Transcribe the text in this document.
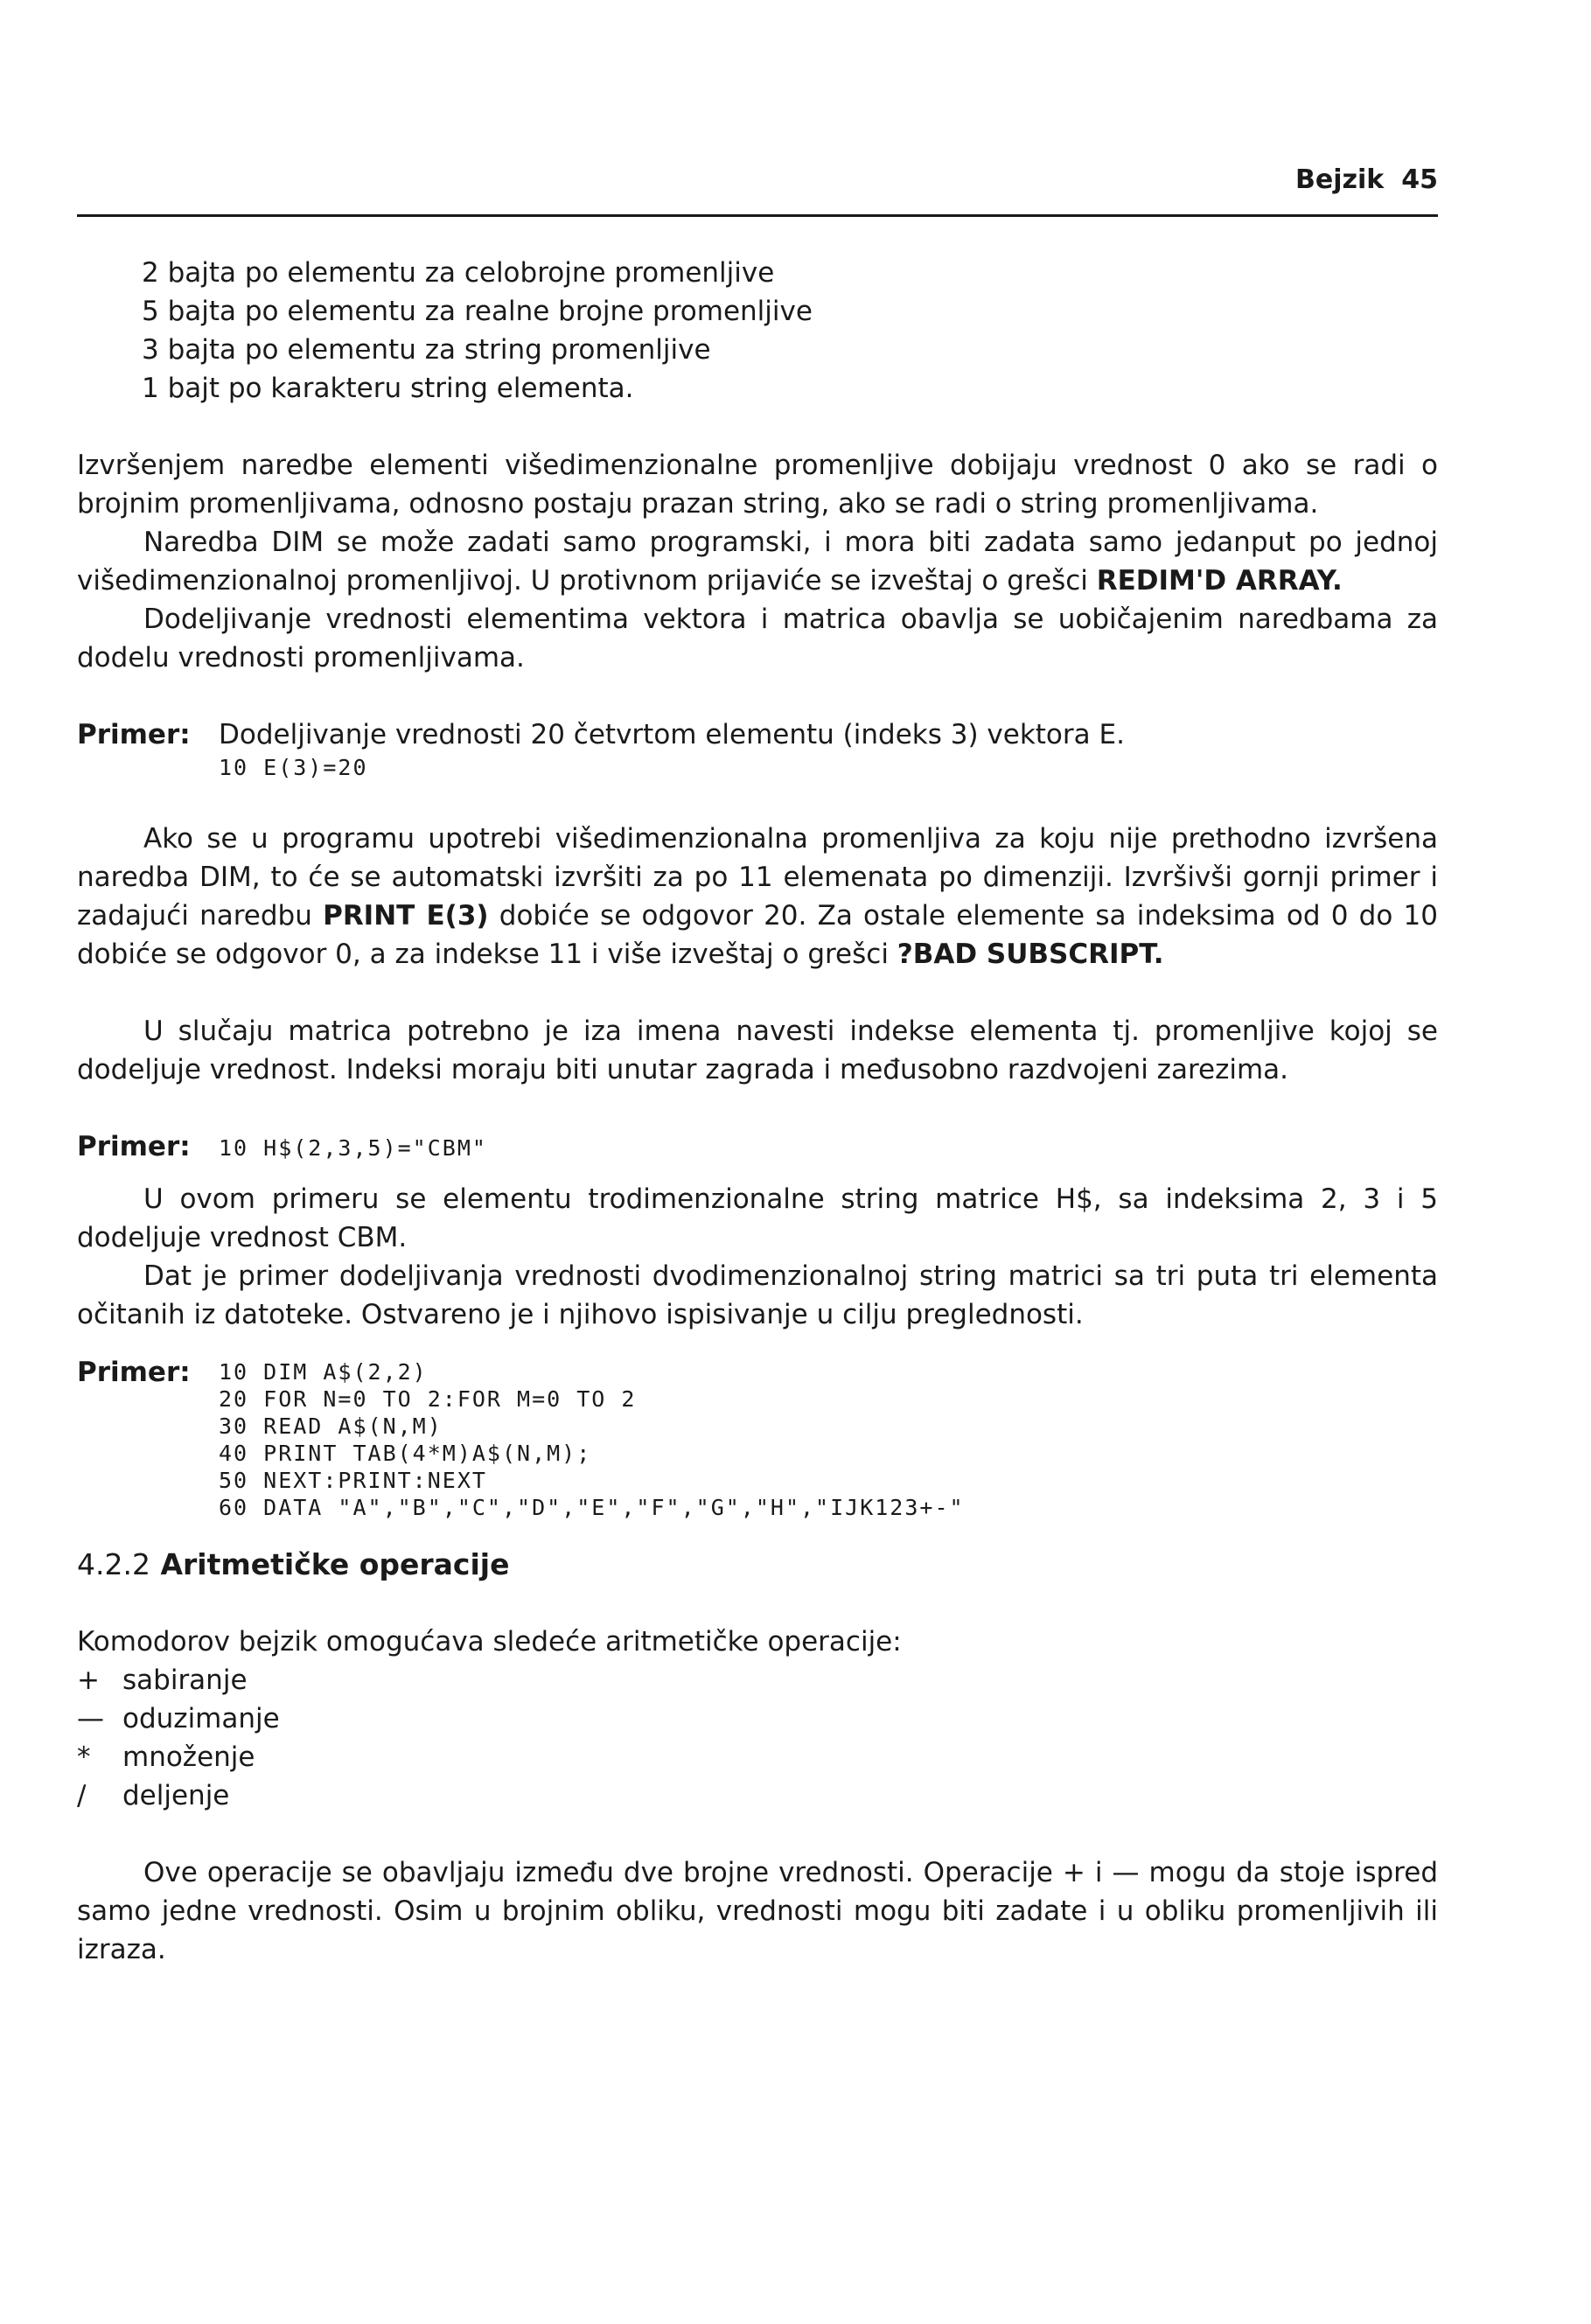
Bejzik 45
2 bajta po elementu za celobrojne promenljive
5 bajta po elementu za realne brojne promenljive
3 bajta po elementu za string promenljive
1 bajt po karakteru string elementa.

Izvršenjem naredbe elementi višedimenzionalne promenljive dobijaju vrednost 0 ako se radi o brojnim promenljivama, odnosno postaju prazan string, ako se radi o string promenljivama.

Naredba DIM se može zadati samo programski, i mora biti zadata samo jedanput po jednoj višedimenzionalnoj promenljivoj. U protivnom prijaviće se izveštaj o grešci REDIM'D ARRAY.

Dodeljivanje vrednosti elementima vektora i matrica obavlja se uobičajenim naredbama za dodelu vrednosti promenljivama.

Primer:	Dodeljivanje vrednosti 20 četvrtom elementu (indeks 3) vektora E.
10 E(3)=20

Ako se u programu upotrebi višedimenzionalna promenljiva za koju nije prethodno izvršena naredba DIM, to će se automatski izvršiti za po 11 elemenata po dimenziji. Izvršivši gornji primer i zadajući naredbu PRINT E(3) dobiće se odgovor 20. Za ostale elemente sa indeksima od 0 do 10 dobiće se odgovor 0, a za indekse 11 i više izveštaj o grešci ?BAD SUBSCRIPT.

U slučaju matrica potrebno je iza imena navesti indekse elementa tj. promenljive kojoj se dodeljuje vrednost. Indeksi moraju biti unutar zagrada i međusobno razdvojeni zarezima.

Primer:	10 H$(2,3,5)="CBM"

U ovom primeru se elementu trodimenzionalne string matrice H$, sa indeksima 2, 3 i 5 dodeljuje vrednost CBM.

Dat je primer dodeljivanja vrednosti dvodimenzionalnoj string matrici sa tri puta tri elementa očitanih iz datoteke. Ostvareno je i njihovo ispisivanje u cilju preglednosti.

Primer:	10 DIM A$(2,2)
20 FOR N=0 TO 2:FOR M=0 TO 2
30 READ A$(N,M)
40 PRINT TAB(4*M)A$(N,M);
50 NEXT:PRINT:NEXT
60 DATA "A","B","C","D","E","F","G","H","IJK123+-"
4.2.2 Aritmetičke operacije

Komodorov bejzik omogućava sledeće aritmetičke operacije:

+ sabiranje
— oduzimanje
*	množenje
/	deljenje

Ove operacije se obavljaju između dve brojne vrednosti. Operacije + i — mogu da stoje ispred samo jedne vrednosti. Osim u brojnim obliku, vrednosti mogu biti zadate i u obliku promenljivih ili izraza.
